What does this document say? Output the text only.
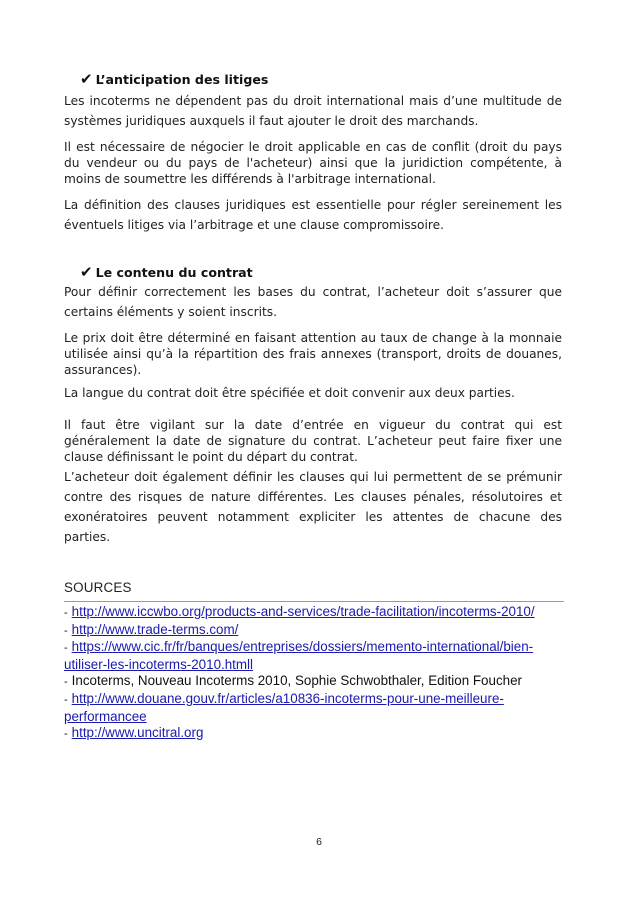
✔ L’anticipation des litiges
Les incoterms ne dépendent pas du droit international mais d’une multitude de systèmes juridiques auxquels il faut ajouter le droit des marchands.
Il est nécessaire de négocier le droit applicable en cas de conflit (droit du pays du vendeur ou du pays de l'acheteur) ainsi que la juridiction compétente, à moins de soumettre les différends à l'arbitrage international.
La définition des clauses juridiques est essentielle pour régler sereinement les éventuels litiges via l’arbitrage et une clause compromissoire.
✔ Le contenu du contrat
Pour définir correctement les bases du contrat, l’acheteur doit s’assurer que certains éléments y soient inscrits.
Le prix doit être déterminé en faisant attention au taux de change à la monnaie utilisée ainsi qu’à la répartition des frais annexes (transport, droits de douanes, assurances).
La langue du contrat doit être spécifiée et doit convenir aux deux parties.
Il faut être vigilant sur la date d’entrée en vigueur du contrat qui est généralement la date de signature du contrat. L’acheteur peut faire fixer une clause définissant le point du départ du contrat.
L’acheteur doit également définir les clauses qui lui permettent de se prémunir contre des risques de nature différentes. Les clauses pénales, résolutoires et exonératoires peuvent notamment expliciter les attentes de chacune des parties.
SOURCES
- http://www.iccwbo.org/products-and-services/trade-facilitation/incoterms-2010/
- http://www.trade-terms.com/
- https://www.cic.fr/fr/banques/entreprises/dossiers/memento-international/bien-utiliser-les-incoterms-2010.htmll
- Incoterms, Nouveau Incoterms 2010, Sophie Schwobthaler, Edition Foucher
- http://www.douane.gouv.fr/articles/a10836-incoterms-pour-une-meilleure-performancee
- http://www.uncitral.org
6
